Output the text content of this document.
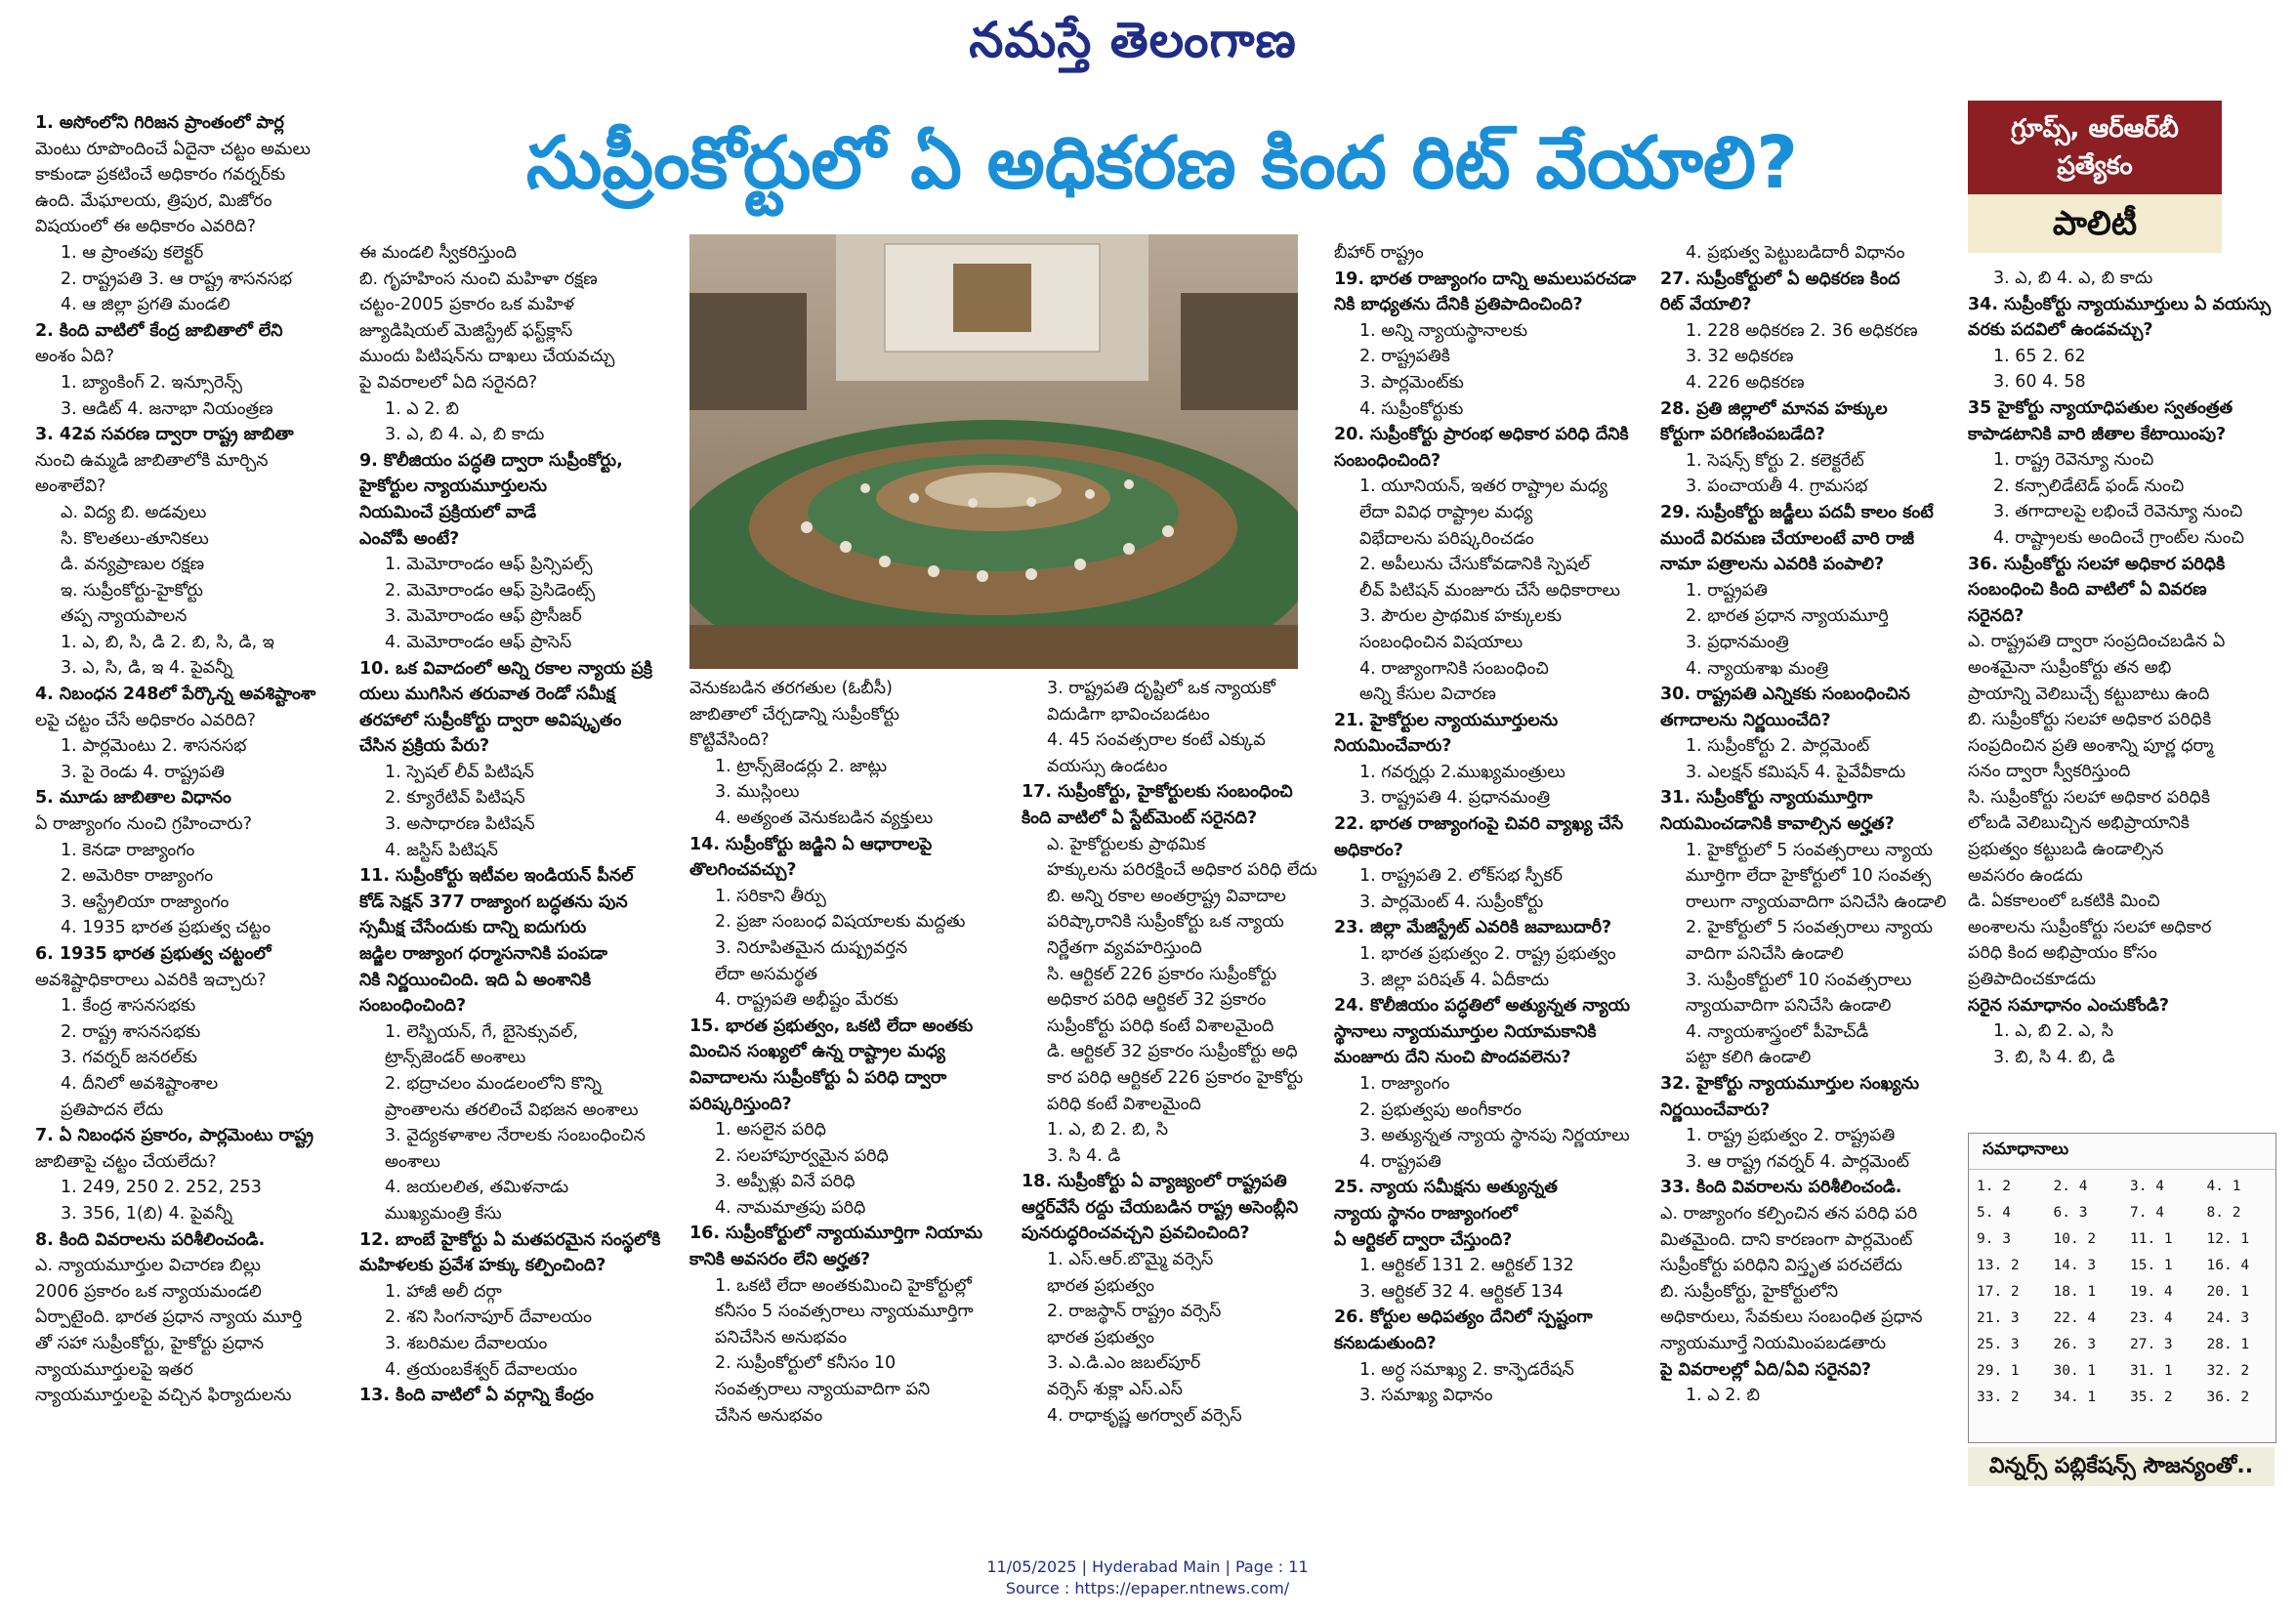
నమస్తే తెలంగాణ
సుప్రీంకోర్టులో ఏ అధికరణ కింద రిట్ వేయాలి?	గ్రూప్స్, ఆర్ఆర్‌బీ ప్రత్యేకం
పాలిటీ
1. అసోంలోని గిరిజన ప్రాంతంలో పార్ల
మెంటు రూపొందించే ఏదైనా చట్టం అమలు
కాకుండా ప్రకటించే అధికారం గవర్నర్‌కు
ఉంది. మేఘాలయ, త్రిపుర, మిజోరం
విషయంలో ఈ అధికారం ఎవరిది?
1. ఆ ప్రాంతపు కలెక్టర్
2. రాష్ట్రపతి 3. ఆ రాష్ట్ర శాసనసభ
4. ఆ జిల్లా ప్రగతి మండలి
2. కింది వాటిలో కేంద్ర జాబితాలో లేని
అంశం ఏది?
1. బ్యాంకింగ్ 2. ఇన్సూరెన్స్
3. ఆడిట్ 4. జనాభా నియంత్రణ
3. 42వ సవరణ ద్వారా రాష్ట్ర జాబితా
నుంచి ఉమ్మడి జాబితాలోకి మార్చిన
అంశాలేవి?
ఎ. విద్య బి. అడవులు
సి. కొలతలు-తూనికలు
డి. వన్యప్రాణుల రక్షణ
ఇ. సుప్రీంకోర్టు-హైకోర్టు
తప్ప న్యాయపాలన
1. ఎ, బి, సి, డి 2. బి, సి, డి, ఇ
3. ఎ, సి, డి, ఇ 4. పైవన్నీ
4. నిబంధన 248లో పేర్కొన్న అవశిష్టాంశా
లపై చట్టం చేసే అధికారం ఎవరిది?
1. పార్లమెంటు 2. శాసనసభ
3. పై రెండు 4. రాష్ట్రపతి
5. మూడు జాబితాల విధానం
ఏ రాజ్యాంగం నుంచి గ్రహించారు?
1. కెనడా రాజ్యాంగం
2. అమెరికా రాజ్యాంగం
3. ఆస్ట్రేలియా రాజ్యాంగం
4. 1935 భారత ప్రభుత్వ చట్టం
6. 1935 భారత ప్రభుత్వ చట్టంలో
అవశిష్టాధికారాలు ఎవరికి ఇచ్చారు?
1. కేంద్ర శాసనసభకు
2. రాష్ట్ర శాసనసభకు
3. గవర్నర్ జనరల్‌కు
4. దీనిలో అవశిష్టాంశాల
ప్రతిపాదన లేదు
7. ఏ నిబంధన ప్రకారం, పార్లమెంటు రాష్ట్ర
జాబితాపై చట్టం చేయలేదు?
1. 249, 250 2. 252, 253
3. 356, 1(బి) 4. పైవన్నీ
8. కింది వివరాలను పరిశీలించండి.
ఎ. న్యాయమూర్తుల విచారణ బిల్లు
2006 ప్రకారం ఒక న్యాయమండలి
ఏర్పాటైంది. భారత ప్రధాన న్యాయ మూర్తి
తో సహా సుప్రీంకోర్టు, హైకోర్టు ప్రధాన
న్యాయమూర్తులపై ఇతర
న్యాయమూర్తులపై వచ్చిన ఫిర్యాదులను
ఈ మండలి స్వీకరిస్తుంది
బి. గృహహింస నుంచి మహిళా రక్షణ
చట్టం-2005 ప్రకారం ఒక మహిళ
జ్యూడిషియల్ మెజిస్ట్రేట్ ఫస్ట్‌క్లాస్
ముందు పిటిషన్‌ను దాఖలు చేయవచ్చు
పై వివరాలలో ఏది సరైనది?
1. ఎ 2. బి
3. ఎ, బి 4. ఎ, బి కాదు
9. కొలీజియం పద్ధతి ద్వారా సుప్రీంకోర్టు,
హైకోర్టుల న్యాయమూర్తులను
నియమించే ప్రక్రియలో వాడే
ఎంవోపీ అంటే?
1. మెమోరాండం ఆఫ్ ప్రిన్సిపల్స్
2. మెమోరాండం ఆఫ్ ప్రెసిడెంట్స్
3. మెమోరాండం ఆఫ్ ప్రొసీజర్
4. మెమోరాండం ఆఫ్ ప్రాసెస్
10. ఒక వివాదంలో అన్ని రకాల న్యాయ ప్రక్రి
యలు ముగిసిన తరువాత రెండో సమీక్ష
తరహాలో సుప్రీంకోర్టు ద్వారా అవిష్కృతం
చేసిన ప్రక్రియ పేరు?
1. స్పెషల్ లీవ్ పిటిషన్
2. క్యూరేటివ్ పిటిషన్
3. అసాధారణ పిటిషన్
4. జస్టిస్ పిటిషన్
11. సుప్రీంకోర్టు ఇటీవల ఇండియన్ పీనల్
కోడ్ సెక్షన్ 377 రాజ్యాంగ బద్ధతను పున
స్సమీక్ష చేసేందుకు దాన్ని ఐదుగురు
జడ్జిల రాజ్యాంగ ధర్మాసనానికి పంపడా
నికి నిర్ణయించింది. ఇది ఏ అంశానికి
సంబంధించింది?
1. లెస్బియన్, గే, బైసెక్సువల్,
ట్రాన్స్‌జెండర్ అంశాలు
2. భద్రాచలం మండలంలోని కొన్ని
ప్రాంతాలను తరలించే విభజన అంశాలు
3. వైద్యకళాశాల నేరాలకు సంబంధించిన
అంశాలు
4. జయలలిత, తమిళనాడు
ముఖ్యమంత్రి కేసు
12. బాంబే హైకోర్టు ఏ మతపరమైన సంస్థలోకి
మహిళలకు ప్రవేశ హక్కు కల్పించింది?
1. హాజీ అలీ దర్గా
2. శని సింగనాపూర్ దేవాలయం
3. శబరిమల దేవాలయం
4. త్రయంబకేశ్వర్ దేవాలయం
13. కింది వాటిలో ఏ వర్గాన్ని కేంద్రం
వెనుకబడిన తరగతుల (ఓబీసీ)
జాబితాలో చేర్చడాన్ని సుప్రీంకోర్టు
కొట్టివేసింది?
1. ట్రాన్స్‌జెండర్లు 2. జాట్లు
3. ముస్లింలు
4. అత్యంత వెనుకబడిన వ్యక్తులు
14. సుప్రీంకోర్టు జడ్జిని ఏ ఆధారాలపై
తొలగించవచ్చు?
1. సరికాని తీర్పు
2. ప్రజా సంబంధ విషయాలకు మద్దతు
3. నిరూపితమైన దుష్ప్రవర్తన
లేదా అసమర్థత
4. రాష్ట్రపతి అభీష్టం మేరకు
15. భారత ప్రభుత్వం, ఒకటి లేదా అంతకు
మించిన సంఖ్యలో ఉన్న రాష్ట్రాల మధ్య
వివాదాలను సుప్రీంకోర్టు ఏ పరిధి ద్వారా
పరిష్కరిస్తుంది?
1. అసలైన పరిధి
2. సలహాపూర్వమైన పరిధి
3. అప్పీళ్లు వినే పరిధి
4. నామమాత్రపు పరిధి
16. సుప్రీంకోర్టులో న్యాయమూర్తిగా నియామ
కానికి అవసరం లేని అర్హత?
1. ఒకటి లేదా అంతకుమించి హైకోర్టుల్లో
కనీసం 5 సంవత్సరాలు న్యాయమూర్తిగా
పనిచేసిన అనుభవం
2. సుప్రీంకోర్టులో కనీసం 10
సంవత్సరాలు న్యాయవాదిగా పని
చేసిన అనుభవం
3. రాష్ట్రపతి దృష్టిలో ఒక న్యాయకో
విదుడిగా భావించబడటం
4. 45 సంవత్సరాల కంటే ఎక్కువ
వయస్సు ఉండటం
17. సుప్రీంకోర్టు, హైకోర్టులకు సంబంధించి
కింది వాటిలో ఏ స్టేట్‌మెంట్ సరైనది?
ఎ. హైకోర్టులకు ప్రాథమిక
హక్కులను పరిరక్షించే అధికార పరిధి లేదు
బి. అన్ని రకాల అంతర్రాష్ట్ర వివాదాల
పరిష్కారానికి సుప్రీంకోర్టు ఒక న్యాయ
నిర్ణేతగా వ్యవహరిస్తుంది
సి. ఆర్టికల్ 226 ప్రకారం సుప్రీంకోర్టు
అధికార పరిధి ఆర్టికల్ 32 ప్రకారం
సుప్రీంకోర్టు పరిధి కంటే విశాలమైంది
డి. ఆర్టికల్ 32 ప్రకారం సుప్రీంకోర్టు అధి
కార పరిధి ఆర్టికల్ 226 ప్రకారం హైకోర్టు
పరిధి కంటే విశాలమైంది
1. ఎ, బి 2. బి, సి
3. సి 4. డి
18. సుప్రీంకోర్టు ఏ వ్యాజ్యంలో రాష్ట్రపతి
ఆర్డర్‌వేసే రద్దు చేయబడిన రాష్ట్ర అసెంబ్లీని
పునరుద్ధరించవచ్చని ప్రవచించింది?
1. ఎస్.ఆర్.బొమ్మై వర్సెస్
భారత ప్రభుత్వం
2. రాజస్థాన్ రాష్ట్రం వర్సెస్
భారత ప్రభుత్వం
3. ఎ.డి.ఎం జబల్‌పూర్
వర్సెస్ శుక్లా ఎస్.ఎస్
4. రాధాకృష్ణ అగర్వాల్ వర్సెస్
బీహార్ రాష్ట్రం
19. భారత రాజ్యాంగం దాన్ని అమలుపరచడా
నికి బాధ్యతను దేనికి ప్రతిపాదించింది?
1. అన్ని న్యాయస్థానాలకు
2. రాష్ట్రపతికి
3. పార్లమెంట్‌కు
4. సుప్రీంకోర్టుకు
20. సుప్రీంకోర్టు ప్రారంభ అధికార పరిధి దేనికి
సంబంధించింది?
1. యూనియన్, ఇతర రాష్ట్రాల మధ్య
లేదా వివిధ రాష్ట్రాల మధ్య
విభేదాలను పరిష్కరించడం
2. అపీలును చేసుకోవడానికి స్పెషల్
లీవ్ పిటిషన్ మంజూరు చేసే అధికారాలు
3. పౌరుల ప్రాథమిక హక్కులకు
సంబంధించిన విషయాలు
4. రాజ్యాంగానికి సంబంధించి
అన్ని కేసుల విచారణ
21. హైకోర్టుల న్యాయమూర్తులను
నియమించేవారు?
1. గవర్నర్లు 2.ముఖ్యమంత్రులు
3. రాష్ట్రపతి 4. ప్రధానమంత్రి
22. భారత రాజ్యాంగంపై చివరి వ్యాఖ్య చేసే
అధికారం?
1. రాష్ట్రపతి 2. లోక్‌సభ స్పీకర్
3. పార్లమెంట్ 4. సుప్రీంకోర్టు
23. జిల్లా మేజిస్ట్రేట్ ఎవరికి జవాబుదారీ?
1. భారత ప్రభుత్వం 2. రాష్ట్ర ప్రభుత్వం
3. జిల్లా పరిషత్ 4. ఏదీకాదు
24. కొలీజియం పద్ధతిలో అత్యున్నత న్యాయ
స్థానాలు న్యాయమూర్తుల నియామకానికి
మంజూరు దేని నుంచి పొందవలెను?
1. రాజ్యాంగం
2. ప్రభుత్వపు అంగీకారం
3. అత్యున్నత న్యాయ స్థానపు నిర్ణయాలు
4. రాష్ట్రపతి
25. న్యాయ సమీక్షను అత్యున్నత
న్యాయ స్థానం రాజ్యాంగంలో
ఏ ఆర్టికల్ ద్వారా చేస్తుంది?
1. ఆర్టికల్ 131 2. ఆర్టికల్ 132
3. ఆర్టికల్ 32 4. ఆర్టికల్ 134
26. కోర్టుల అధిపత్యం దేనిలో స్పష్టంగా
కనబడుతుంది?
1. అర్ధ సమాఖ్య 2. కాన్ఫెడరేషన్
3. సమాఖ్య విధానం
4. ప్రభుత్వ పెట్టుబడిదారీ విధానం
27. సుప్రీంకోర్టులో ఏ అధికరణ కింద
రిట్ వేయాలి?
1. 228 అధికరణ 2. 36 అధికరణ
3. 32 అధికరణ
4. 226 అధికరణ
28. ప్రతి జిల్లాలో మానవ హక్కుల
కోర్టుగా పరిగణింపబడేది?
1. సెషన్స్ కోర్టు 2. కలెక్టరేట్
3. పంచాయతీ 4. గ్రామసభ
29. సుప్రీంకోర్టు జడ్జీలు పదవీ కాలం కంటే
ముందే విరమణ చేయాలంటే వారి రాజీ
నామా పత్రాలను ఎవరికి పంపాలి?
1. రాష్ట్రపతి
2. భారత ప్రధాన న్యాయమూర్తి
3. ప్రధానమంత్రి
4. న్యాయశాఖ మంత్రి
30. రాష్ట్రపతి ఎన్నికకు సంబంధించిన
తగాదాలను నిర్ణయించేది?
1. సుప్రీంకోర్టు 2. పార్లమెంట్
3. ఎలక్షన్ కమిషన్ 4. పైవేవీకాదు
31. సుప్రీంకోర్టు న్యాయమూర్తిగా
నియమించడానికి కావాల్సిన అర్హత?
1. హైకోర్టులో 5 సంవత్సరాలు న్యాయ
మూర్తిగా లేదా హైకోర్టులో 10 సంవత్స
రాలుగా న్యాయవాదిగా పనిచేసి ఉండాలి
2. హైకోర్టులో 5 సంవత్సరాలు న్యాయ
వాదిగా పనిచేసి ఉండాలి
3. సుప్రీంకోర్టులో 10 సంవత్సరాలు
న్యాయవాదిగా పనిచేసి ఉండాలి
4. న్యాయశాస్త్రంలో పీహెచ్‌డీ
పట్టా కలిగి ఉండాలి
32. హైకోర్టు న్యాయమూర్తుల సంఖ్యను
నిర్ణయించేవారు?
1. రాష్ట్ర ప్రభుత్వం 2. రాష్ట్రపతి
3. ఆ రాష్ట్ర గవర్నర్ 4. పార్లమెంట్
33. కింది వివరాలను పరిశీలించండి.
ఎ. రాజ్యాంగం కల్పించిన తన పరిధి పరి
మితమైంది. దాని కారణంగా పార్లమెంట్
సుప్రీంకోర్టు పరిధిని విస్తృత పరచలేదు
బి. సుప్రీంకోర్టు, హైకోర్టులోని
అధికారులు, సేవకులు సంబంధిత ప్రధాన
న్యాయమూర్తే నియమింపబడతారు
పై వివరాలల్లో ఏది/ఏవి సరైనవి?
1. ఎ 2. బి
3. ఎ, బి 4. ఎ, బి కాదు
34. సుప్రీంకోర్టు న్యాయమూర్తులు ఏ వయస్సు
వరకు పదవిలో ఉండవచ్చు?
1. 65 2. 62
3. 60 4. 58
35 హైకోర్టు న్యాయాధిపతుల స్వతంత్రత
కాపాడటానికి వారి జీతాల కేటాయింపు?
1. రాష్ట్ర రెవెన్యూ నుంచి
2. కన్సాలిడేటెడ్ ఫండ్ నుంచి
3. తగాదాలపై లభించే రెవెన్యూ నుంచి
4. రాష్ట్రాలకు అందించే గ్రాంట్‌ల నుంచి
36. సుప్రీంకోర్టు సలహా అధికార పరిధికి
సంబంధించి కింది వాటిలో ఏ వివరణ
సరైనది?
ఎ. రాష్ట్రపతి ద్వారా సంప్రదించబడిన ఏ
అంశమైనా సుప్రీంకోర్టు తన అభి
ప్రాయాన్ని వెలిబుచ్చే కట్టుబాటు ఉంది
బి. సుప్రీంకోర్టు సలహా అధికార పరిధికి
సంప్రదించిన ప్రతి అంశాన్ని పూర్ణ ధర్మా
సనం ద్వారా స్వీకరిస్తుంది
సి. సుప్రీంకోర్టు సలహా అధికార పరిధికి
లోబడి వెలిబుచ్చిన అభిప్రాయానికి
ప్రభుత్వం కట్టుబడి ఉండాల్సిన
అవసరం ఉండదు
డి. ఏకకాలంలో ఒకటికి మించి
అంశాలను సుప్రీంకోర్టు సలహా అధికార
పరిధి కింద అభిప్రాయం కోసం
ప్రతిపాదించకూడదు
సరైన సమాధానం ఎంచుకోండి?
1. ఎ, బి 2. ఎ, సి
3. బి, సి 4. బి, డి
సమాధానాలు
1. 2	2. 4	3. 4	4. 1
5. 4	6. 3	7. 4	8. 2
9. 3	10. 2	11. 1	12. 1
13. 2	14. 3	15. 1	16. 4
17. 2	18. 1	19. 4	20. 1
21. 3	22. 4	23. 4	24. 3
25. 3	26. 3	27. 3	28. 1
29. 1	30. 1	31. 1	32. 2
33. 2	34. 1	35. 2	36. 2
విన్నర్స్ పబ్లికేషన్స్ సౌజన్యంతో..
11/05/2025 | Hyderabad Main | Page : 11
Source : https://epaper.ntnews.com/
